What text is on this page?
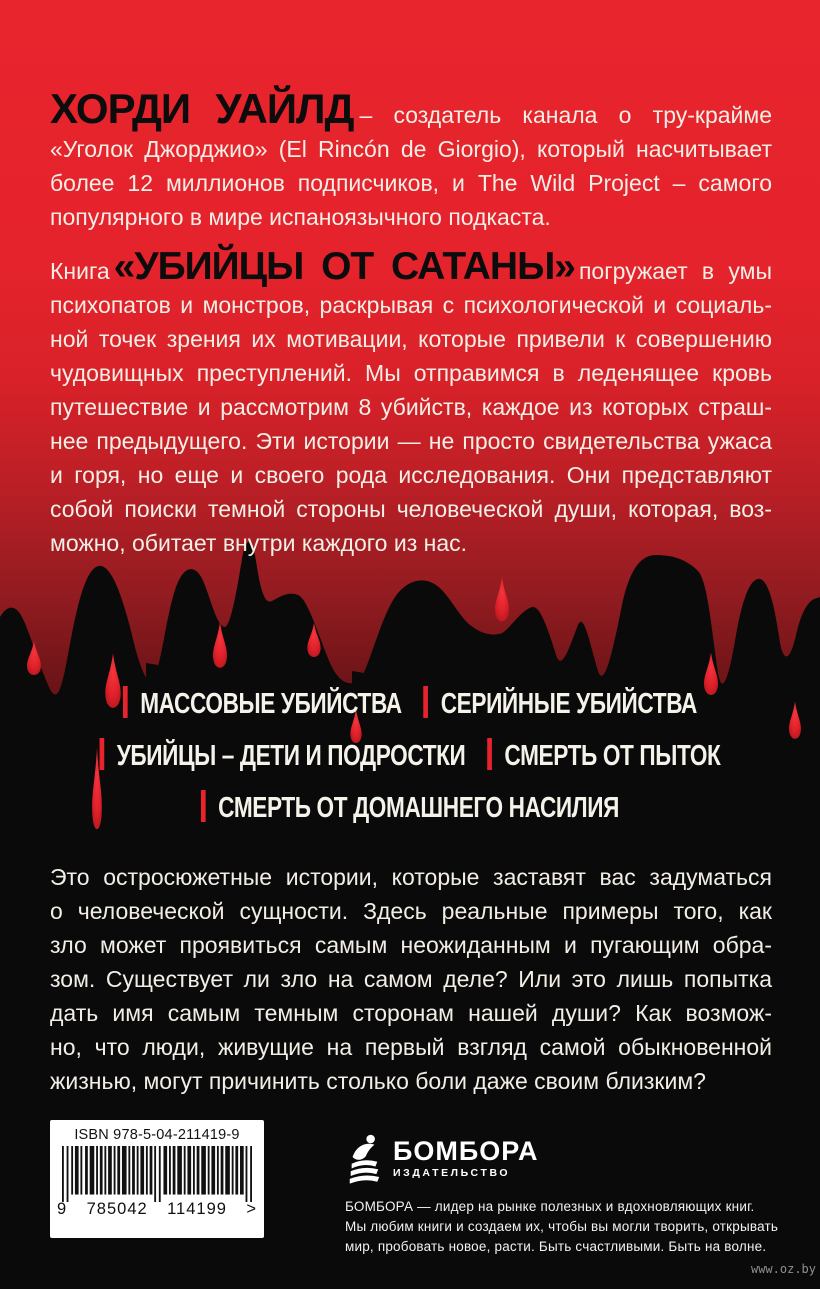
ХОРДИ УАЙЛД – создатель канала о тру-крайме
«Уголок Джорджио» (El Rincón de Giorgio), который насчитывает
более 12 миллионов подписчиков, и The Wild Project – самого
популярного в мире испаноязычного подкаста.
Книга «УБИЙЦЫ ОТ САТАНЫ» погружает в умы
психопатов и монстров, раскрывая с психологической и социаль-
ной точек зрения их мотивации, которые привели к совершению
чудовищных преступлений. Мы отправимся в леденящее кровь
путешествие и рассмотрим 8 убийств, каждое из которых страш-
нее предыдущего. Эти истории — не просто свидетельства ужаса
и горя, но еще и своего рода исследования. Они представляют
собой поиски темной стороны человеческой души, которая, воз-
можно, обитает внутри каждого из нас.
МАССОВЫЕ УБИЙСТВА СЕРИЙНЫЕ УБИЙСТВА
УБИЙЦЫ – ДЕТИ И ПОДРОСТКИ СМЕРТЬ ОТ ПЫТОК
СМЕРТЬ ОТ ДОМАШНЕГО НАСИЛИЯ
Это остросюжетные истории, которые заставят вас задуматься
о человеческой сущности. Здесь реальные примеры того, как
зло может проявиться самым неожиданным и пугающим обра-
зом. Существует ли зло на самом деле? Или это лишь попытка
дать имя самым темным сторонам нашей души? Как возмож-
но, что люди, живущие на первый взгляд самой обыкновенной
жизнью, могут причинить столько боли даже своим близким?
ISBN 978-5-04-211419-9
9 785042 114199 >
БОМБОРА
ИЗДАТЕЛЬСТВО
БОМБОРА — лидер на рынке полезных и вдохновляющих книг.
Мы любим книги и создаем их, чтобы вы могли творить, открывать
мир, пробовать новое, расти. Быть счастливыми. Быть на волне.
www.oz.by
